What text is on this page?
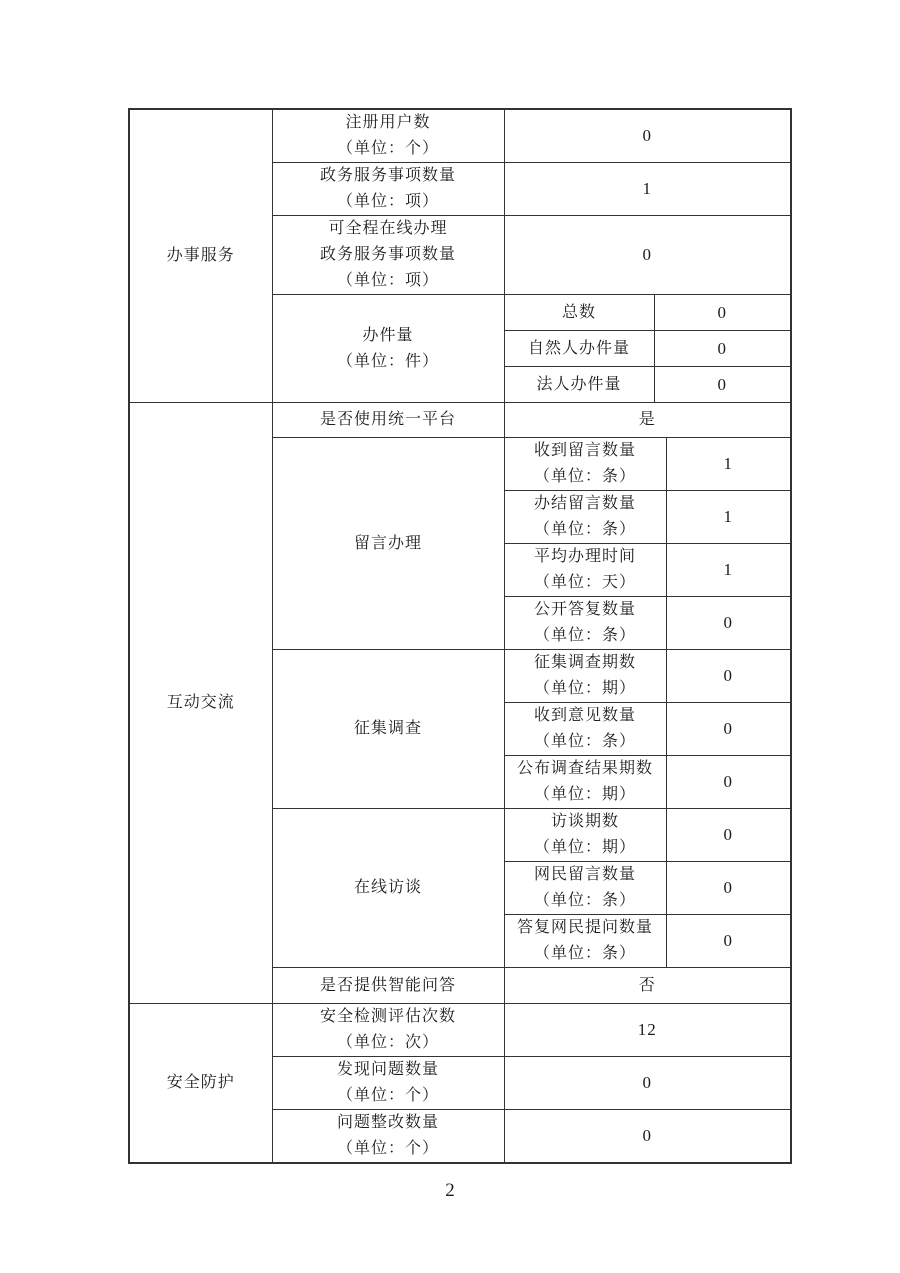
办事服务	注册用户数
（单位：个）	0		

	政务服务事项数量
（单位：项）	1		

	可全程在线办理
政务服务事项数量
（单位：项）	0		

	办件量
（单位：件）	总数	0	
		自然人办件量	0	
		法人办件量	0	

互动交流	是否使用统一平台	是		
	留言办理	收到留言数量
（单位：条）		1

		办结留言数量
（单位：条）		1

		平均办理时间
（单位：天）		1

		公开答复数量
（单位：条）		0
	征集调查	征集调查期数
（单位：期）		0

		收到意见数量
（单位：条）		0

		公布调查结果期数
（单位：期）		0
	在线访谈	访谈期数
（单位：期）		0

		网民留言数量
（单位：条）		0

		答复网民提问数量
（单位：条）		0
	是否提供智能问答	否		

安全防护	安全检测评估次数
（单位：次）	12		

	发现问题数量
（单位：个）	0		

	问题整改数量
（单位：个）	0		
2
